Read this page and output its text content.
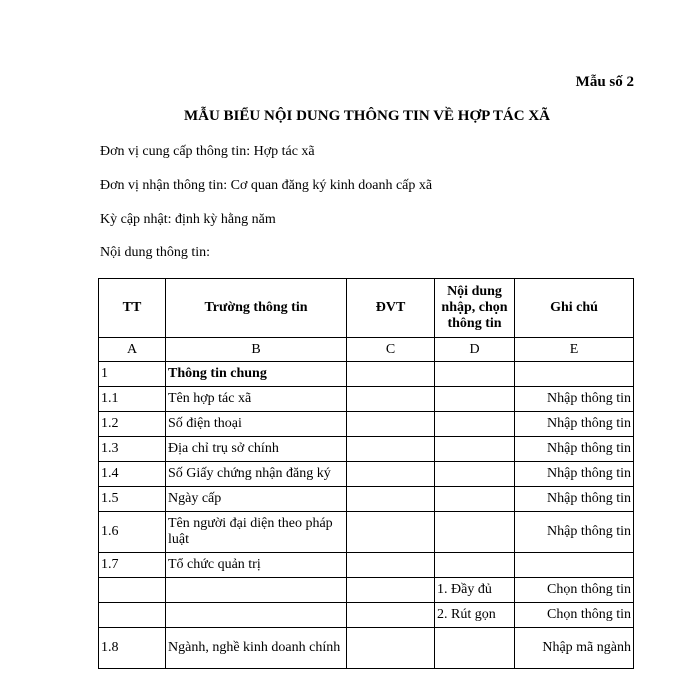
Mẫu số 2
MẪU BIỂU NỘI DUNG THÔNG TIN VỀ HỢP TÁC XÃ
Đơn vị cung cấp thông tin: Hợp tác xã
Đơn vị nhận thông tin: Cơ quan đăng ký kinh doanh cấp xã
Kỳ cập nhật: định kỳ hằng năm
Nội dung thông tin:
TT	Trường thông tin	ĐVT	Nội dung nhập, chọn thông tin	Ghi chú
A	B	C	D	E
1	Thông tin chung			
1.1	Tên hợp tác xã			Nhập thông tin
1.2	Số điện thoại			Nhập thông tin
1.3	Địa chỉ trụ sở chính			Nhập thông tin
1.4	Số Giấy chứng nhận đăng ký			Nhập thông tin
1.5	Ngày cấp			Nhập thông tin
1.6	Tên người đại diện theo pháp luật			Nhập thông tin
1.7	Tổ chức quản trị			
			1. Đầy đủ	Chọn thông tin
			2. Rút gọn	Chọn thông tin
1.8	Ngành, nghề kinh doanh chính			Nhập mã ngành
